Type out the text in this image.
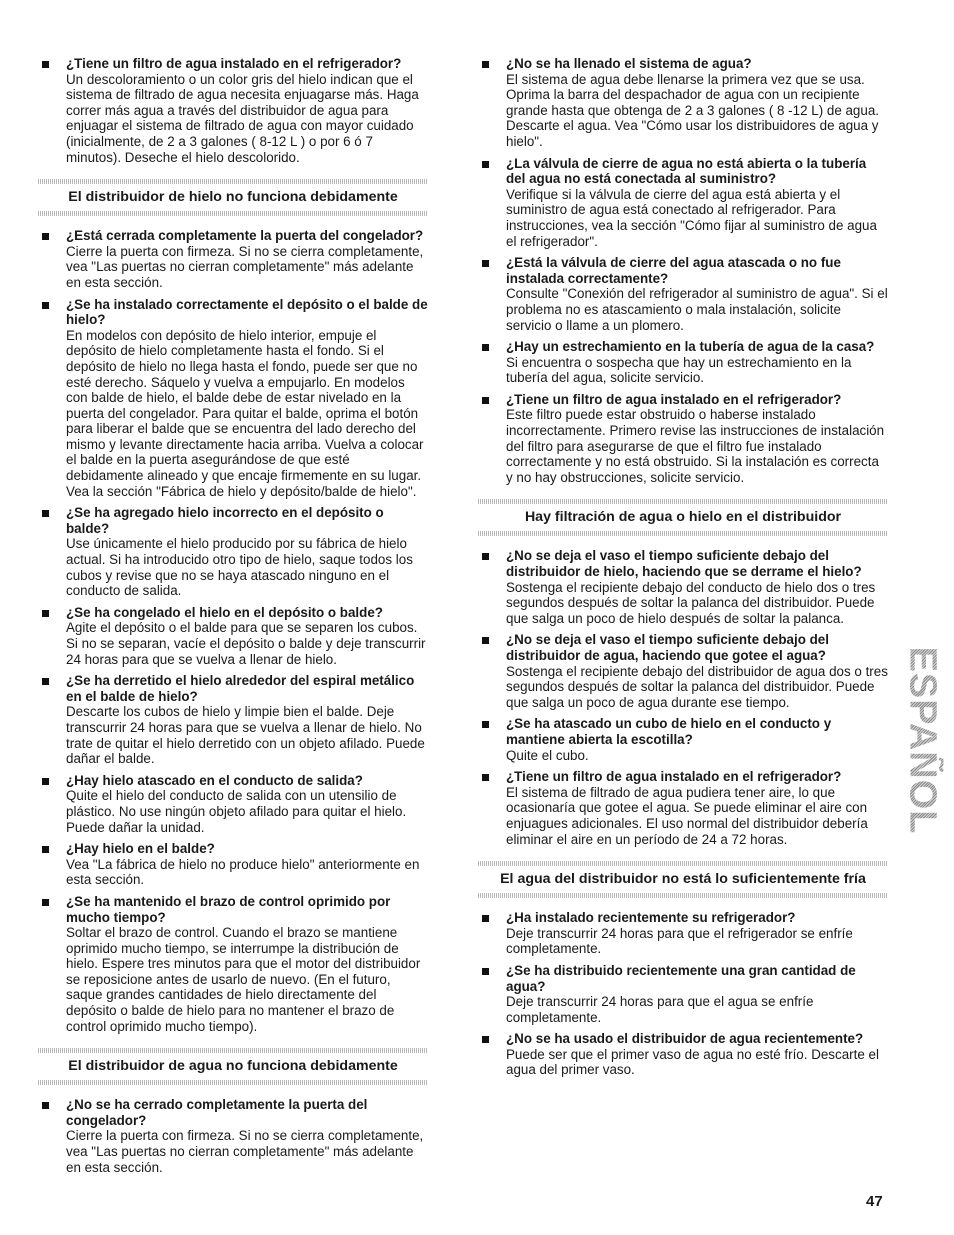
¿Tiene un filtro de agua instalado en el refrigerador?

Un descoloramiento o un color gris del hielo indican que el sistema de filtrado de agua necesita enjuagarse más. Haga correr más agua a través del distribuidor de agua para enjuagar el sistema de filtrado de agua con mayor cuidado (inicialmente, de 2 a 3 galones ( 8-12 L ) o por 6 ó 7 minutos). Deseche el hielo descolorido.

El distribuidor de hielo no funciona debidamente

¿Está cerrada completamente la puerta del congelador?

Cierre la puerta con firmeza. Si no se cierra completamente, vea "Las puertas no cierran completamente" más adelante en esta sección.

¿Se ha instalado correctamente el depósito o el balde de hielo?

En modelos con depósito de hielo interior, empuje el depósito de hielo completamente hasta el fondo. Si el depósito de hielo no llega hasta el fondo, puede ser que no esté derecho. Sáquelo y vuelva a empujarlo. En modelos con balde de hielo, el balde debe de estar nivelado en la puerta del congelador. Para quitar el balde, oprima el botón para liberar el balde que se encuentra del lado derecho del mismo y levante directamente hacia arriba. Vuelva a colocar el balde en la puerta asegurándose de que esté debidamente alineado y que encaje firmemente en su lugar. Vea la sección "Fábrica de hielo y depósito/balde de hielo".

¿Se ha agregado hielo incorrecto en el depósito o balde?

Use únicamente el hielo producido por su fábrica de hielo actual. Si ha introducido otro tipo de hielo, saque todos los cubos y revise que no se haya atascado ninguno en el conducto de salida.

¿Se ha congelado el hielo en el depósito o balde?

Agite el depósito o el balde para que se separen los cubos. Si no se separan, vacíe el depósito o balde y deje transcurrir 24 horas para que se vuelva a llenar de hielo.

¿Se ha derretido el hielo alrededor del espiral metálico en el balde de hielo?

Descarte los cubos de hielo y limpie bien el balde. Deje transcurrir 24 horas para que se vuelva a llenar de hielo. No trate de quitar el hielo derretido con un objeto afilado. Puede dañar el balde.

¿Hay hielo atascado en el conducto de salida?

Quite el hielo del conducto de salida con un utensilio de plástico. No use ningún objeto afilado para quitar el hielo. Puede dañar la unidad.

¿Hay hielo en el balde?

Vea "La fábrica de hielo no produce hielo" anteriormente en esta sección.

¿Se ha mantenido el brazo de control oprimido por mucho tiempo?

Soltar el brazo de control. Cuando el brazo se mantiene oprimido mucho tiempo, se interrumpe la distribución de hielo. Espere tres minutos para que el motor del distribuidor se reposicione antes de usarlo de nuevo. (En el futuro, saque grandes cantidades de hielo directamente del depósito o balde de hielo para no mantener el brazo de control oprimido mucho tiempo).

El distribuidor de agua no funciona debidamente

¿No se ha cerrado completamente la puerta del congelador?

Cierre la puerta con firmeza. Si no se cierra completamente, vea "Las puertas no cierran completamente" más adelante en esta sección.

¿No se ha llenado el sistema de agua?

El sistema de agua debe llenarse la primera vez que se usa. Oprima la barra del despachador de agua con un recipiente grande hasta que obtenga de 2 a 3 galones ( 8 -12 L) de agua. Descarte el agua. Vea "Cómo usar los distribuidores de agua y hielo".

¿La válvula de cierre de agua no está abierta o la tubería del agua no está conectada al suministro?

Verifique si la válvula de cierre del agua está abierta y el suministro de agua está conectado al refrigerador. Para instrucciones, vea la sección "Cómo fijar al suministro de agua el refrigerador".

¿Está la válvula de cierre del agua atascada o no fue instalada correctamente?

Consulte "Conexión del refrigerador al suministro de agua". Si el problema no es atascamiento o mala instalación, solicite servicio o llame a un plomero.

¿Hay un estrechamiento en la tubería de agua de la casa?

Si encuentra o sospecha que hay un estrechamiento en la tubería del agua, solicite servicio.

¿Tiene un filtro de agua instalado en el refrigerador?

Este filtro puede estar obstruido o haberse instalado incorrectamente. Primero revise las instrucciones de instalación del filtro para asegurarse de que el filtro fue instalado correctamente y no está obstruido. Si la instalación es correcta y no hay obstrucciones, solicite servicio.

Hay filtración de agua o hielo en el distribuidor

¿No se deja el vaso el tiempo suficiente debajo del distribuidor de hielo, haciendo que se derrame el hielo?

Sostenga el recipiente debajo del conducto de hielo dos o tres segundos después de soltar la palanca del distribuidor. Puede que salga un poco de hielo después de soltar la palanca.

¿No se deja el vaso el tiempo suficiente debajo del distribuidor de agua, haciendo que gotee el agua?

Sostenga el recipiente debajo del distribuidor de agua dos o tres segundos después de soltar la palanca del distribuidor. Puede que salga un poco de agua durante ese tiempo.

¿Se ha atascado un cubo de hielo en el conducto y mantiene abierta la escotilla?

Quite el cubo.

¿Tiene un filtro de agua instalado en el refrigerador?

El sistema de filtrado de agua pudiera tener aire, lo que ocasionaría que gotee el agua. Se puede eliminar el aire con enjuagues adicionales. El uso normal del distribuidor debería eliminar el aire en un período de 24 a 72 horas.

El agua del distribuidor no está lo suficientemente fría

¿Ha instalado recientemente su refrigerador?

Deje transcurrir 24 horas para que el refrigerador se enfríe completamente.

¿Se ha distribuido recientemente una gran cantidad de agua?

Deje transcurrir 24 horas para que el agua se enfríe completamente.

¿No se ha usado el distribuidor de agua recientemente?

Puede ser que el primer vaso de agua no esté frío. Descarte el agua del primer vaso.

ESPAÑOL
47
